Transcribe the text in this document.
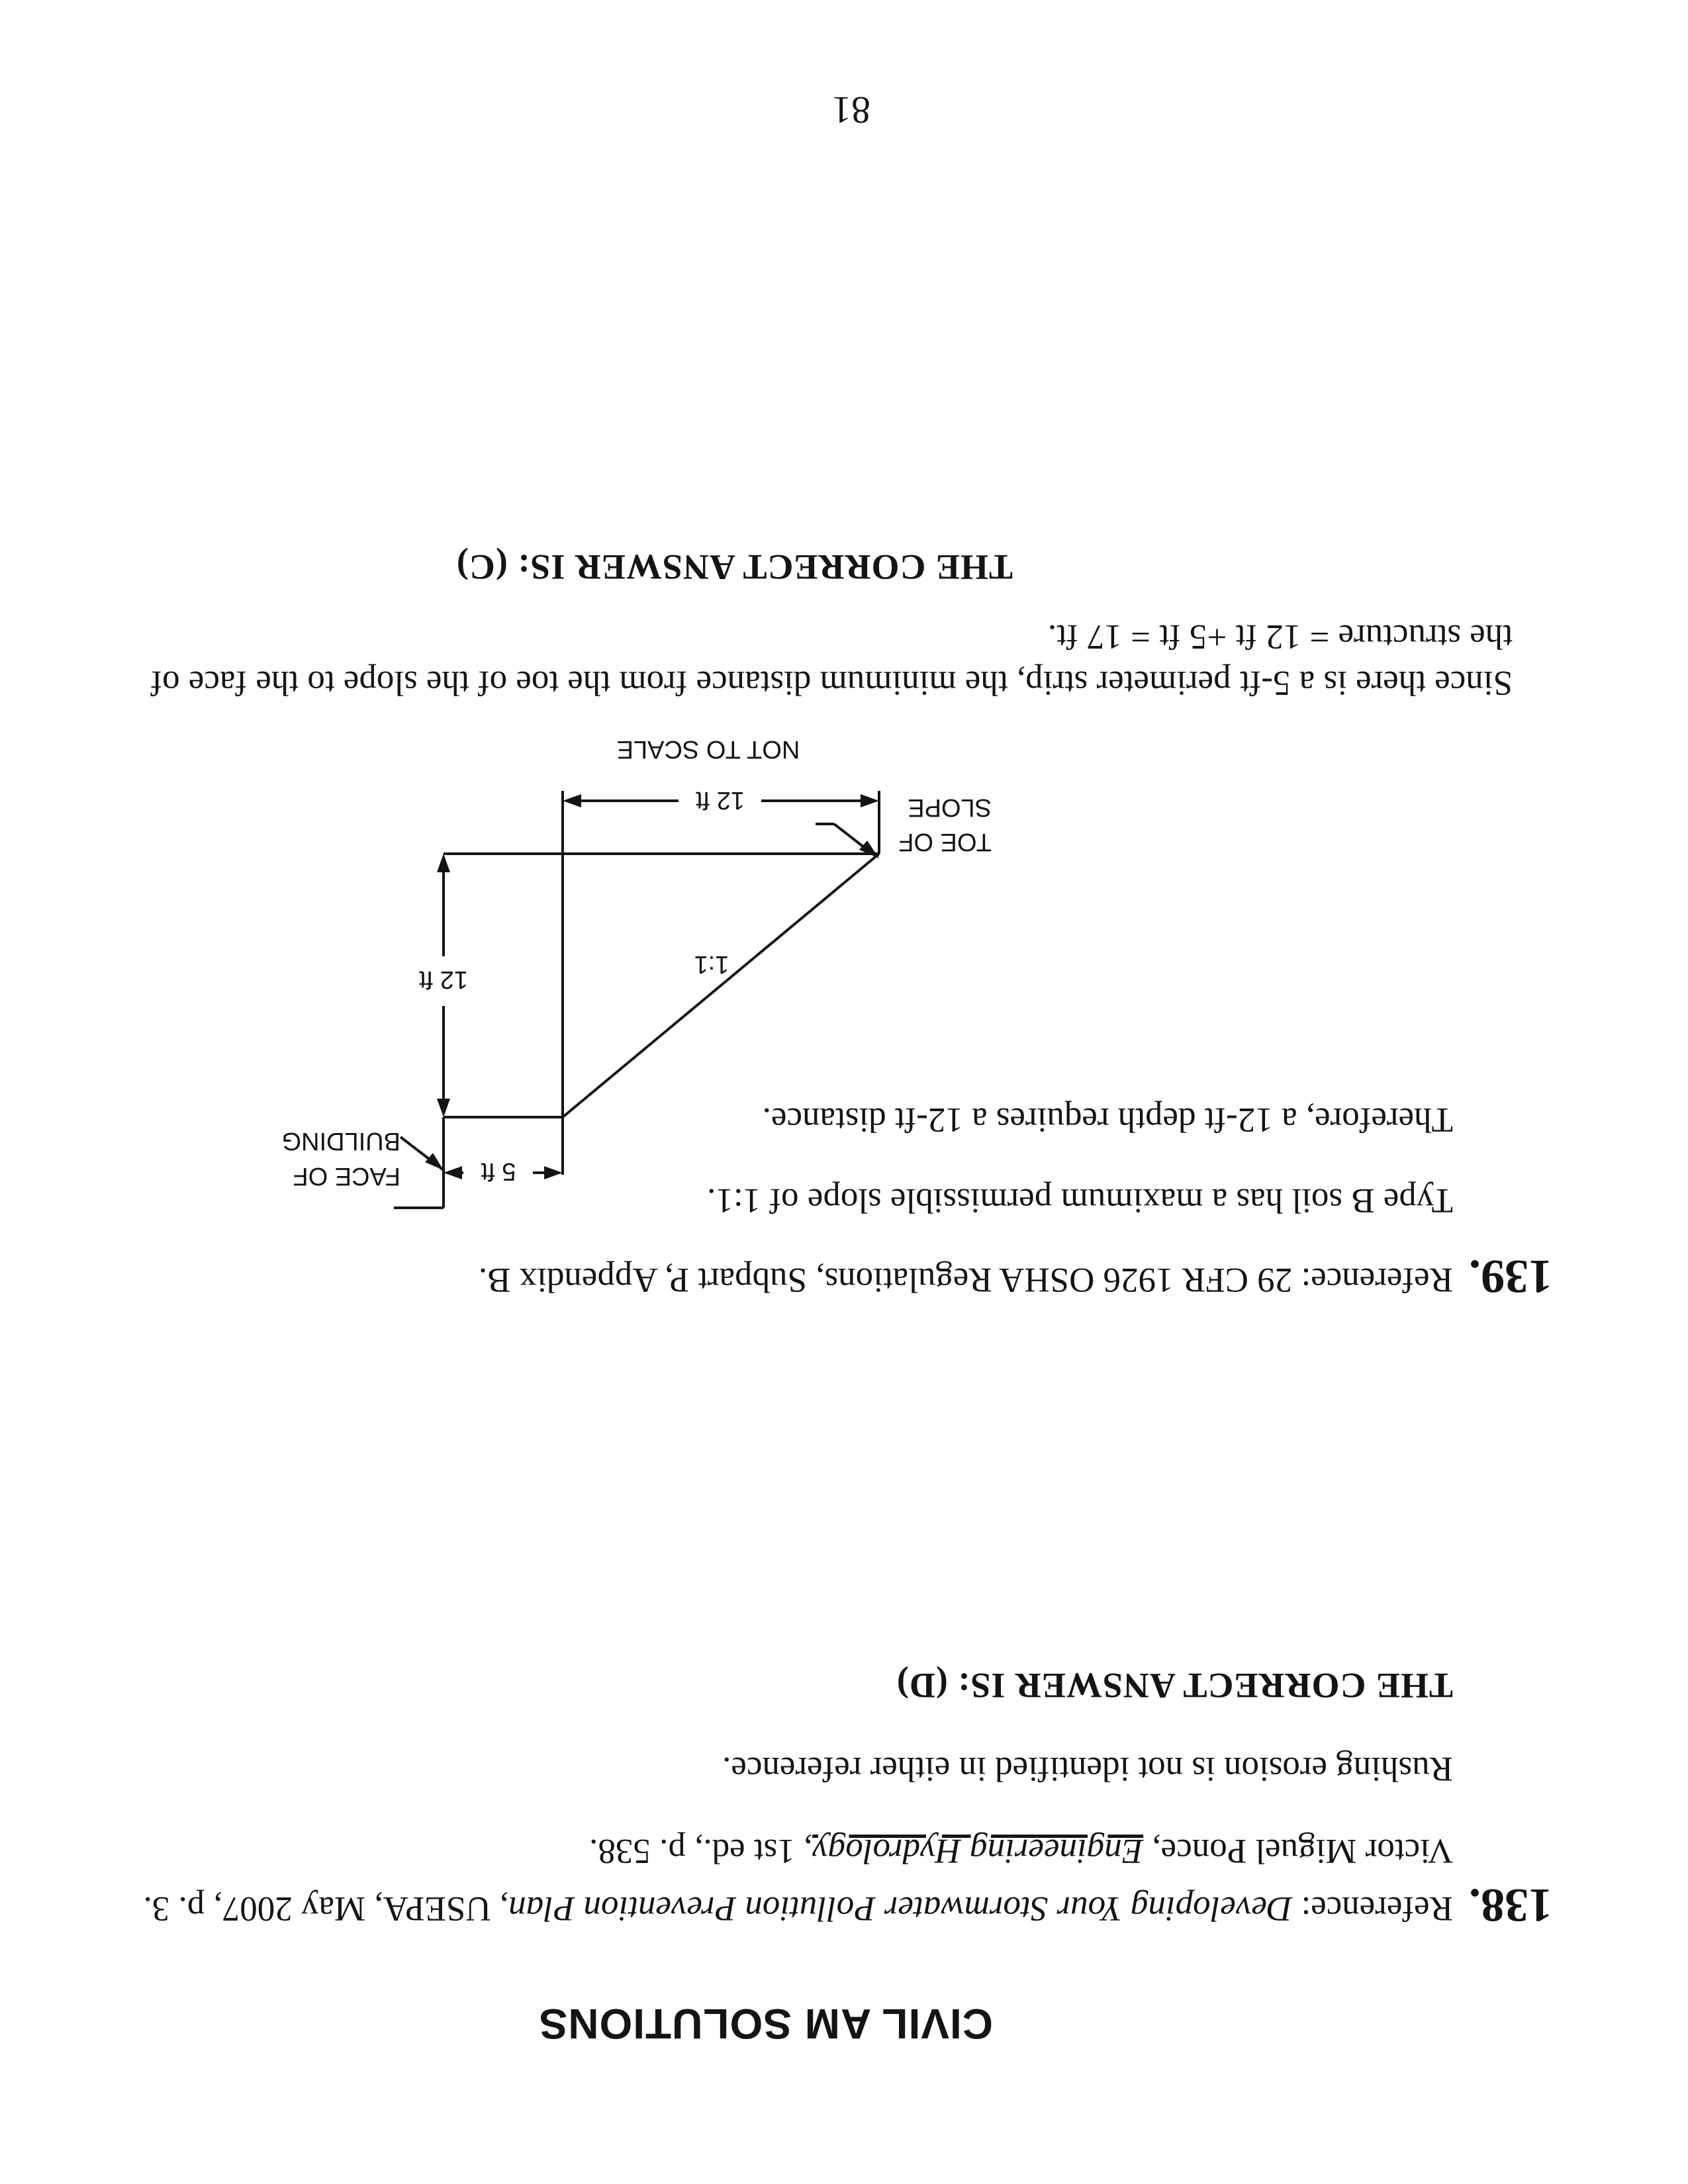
CIVIL AM SOLUTIONS
138.
Reference: Developing Your Stormwater Pollution Prevention Plan, USEPA, May 2007, p. 3.
Victor Miguel Ponce, Engineering Hydrology, 1st ed., p. 538.
Rushing erosion is not identified in either reference.
THE CORRECT ANSWER IS: (D)
139.
Reference: 29 CFR 1926 OSHA Regulations, Subpart P, Appendix B.
Type B soil has a maximum permissible slope of 1:1.
Therefore, a 12-ft depth requires a 12-ft distance.
FACE OF
BUILDING
5 ft
12 ft
1:1
TOE OF
SLOPE
12 ft
NOT TO SCALE
Since there is a 5-ft perimeter strip, the minimum distance from the toe of the slope to the face of
the structure = 12 ft +5 ft = 17 ft.
THE CORRECT ANSWER IS: (C)
81
